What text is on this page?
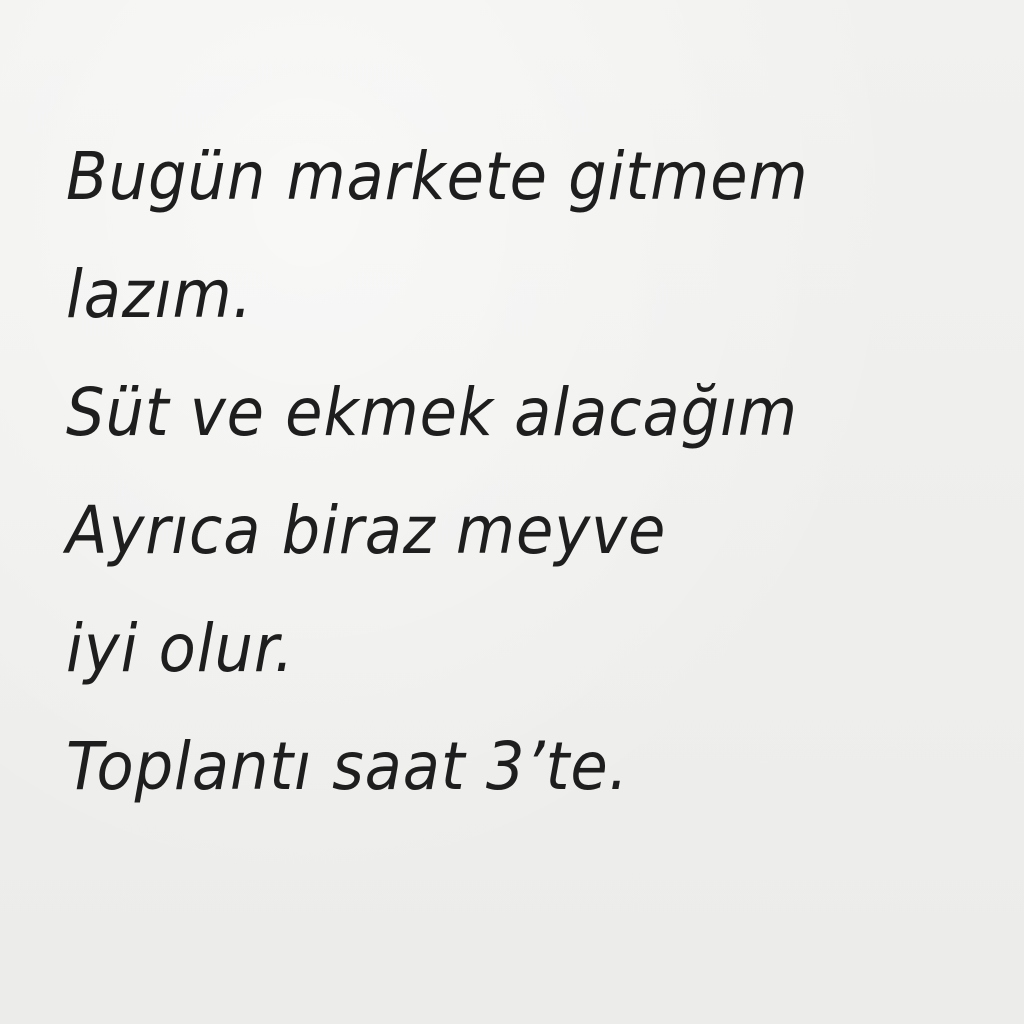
Bugün markete gitmem
lazım.
Süt ve ekmek alacağım
Ayrıca biraz meyve
iyi olur.
Toplantı saat 3’te.
